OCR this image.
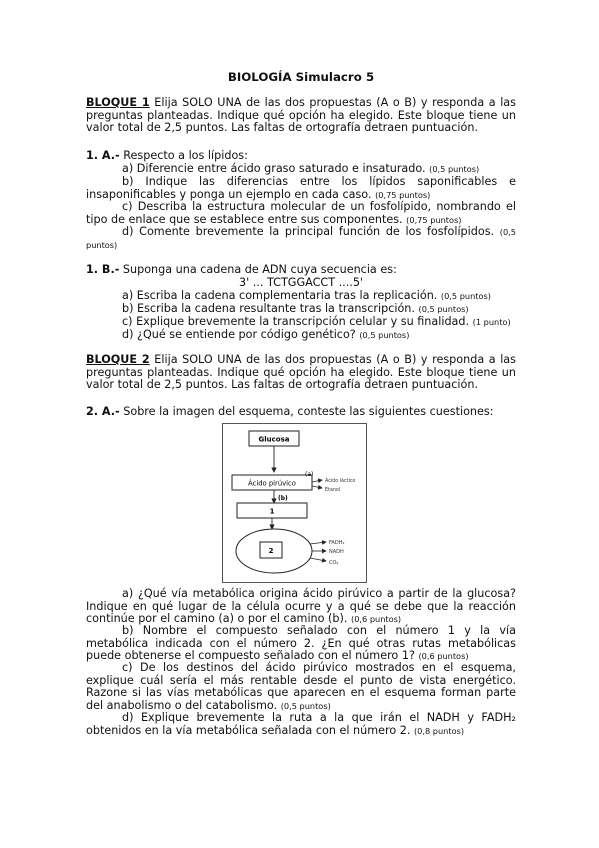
BIOLOGÍA Simulacro 5
BLOQUE 1 Elija SOLO UNA de las dos propuestas (A o B) y responda a las preguntas planteadas. Indique qué opción ha elegido. Este bloque tiene un valor total de 2,5 puntos. Las faltas de ortografía detraen puntuación.
1. A.- Respecto a los lípidos:
a) Diferencie entre ácido graso saturado e insaturado. (0,5 puntos)
b) Indique las diferencias entre los lípidos saponificables e insaponificables y ponga un ejemplo en cada caso. (0,75 puntos)
c) Describa la estructura molecular de un fosfolípido, nombrando el tipo de enlace que se establece entre sus componentes. (0,75 puntos)
d) Comente brevemente la principal función de los fosfolípidos. (0,5 puntos)
1. B.- Suponga una cadena de ADN cuya secuencia es:
3' ... TCTGGACCT ....5'
a) Escriba la cadena complementaria tras la replicación. (0,5 puntos)
b) Escriba la cadena resultante tras la transcripción. (0,5 puntos)
c) Explique brevemente la transcripción celular y su finalidad. (1 punto)
d) ¿Qué se entiende por código genético? (0,5 puntos)
BLOQUE 2 Elija SOLO UNA de las dos propuestas (A o B) y responda a las preguntas planteadas. Indique qué opción ha elegido. Este bloque tiene un valor total de 2,5 puntos. Las faltas de ortografía detraen puntuación.
2. A.- Sobre la imagen del esquema, conteste las siguientes cuestiones:
Glucosa
Ácido pirúvico
(a)
Ácido láctico
Etanol
(b)
1
2
FADH₂
NADH
CO₂
a) ¿Qué vía metabólica origina ácido pirúvico a partir de la glucosa? Indique en qué lugar de la célula ocurre y a qué se debe que la reacción continúe por el camino (a) o por el camino (b). (0,6 puntos)
b) Nombre el compuesto señalado con el número 1 y la vía metabólica indicada con el número 2. ¿En qué otras rutas metabólicas puede obtenerse el compuesto señalado con el número 1? (0,6 puntos)
c) De los destinos del ácido pirúvico mostrados en el esquema, explique cuál sería el más rentable desde el punto de vista energético. Razone si las vías metabólicas que aparecen en el esquema forman parte del anabolismo o del catabolismo. (0,5 puntos)
d) Explique brevemente la ruta a la que irán el NADH y FADH₂ obtenidos en la vía metabólica señalada con el número 2. (0,8 puntos)
